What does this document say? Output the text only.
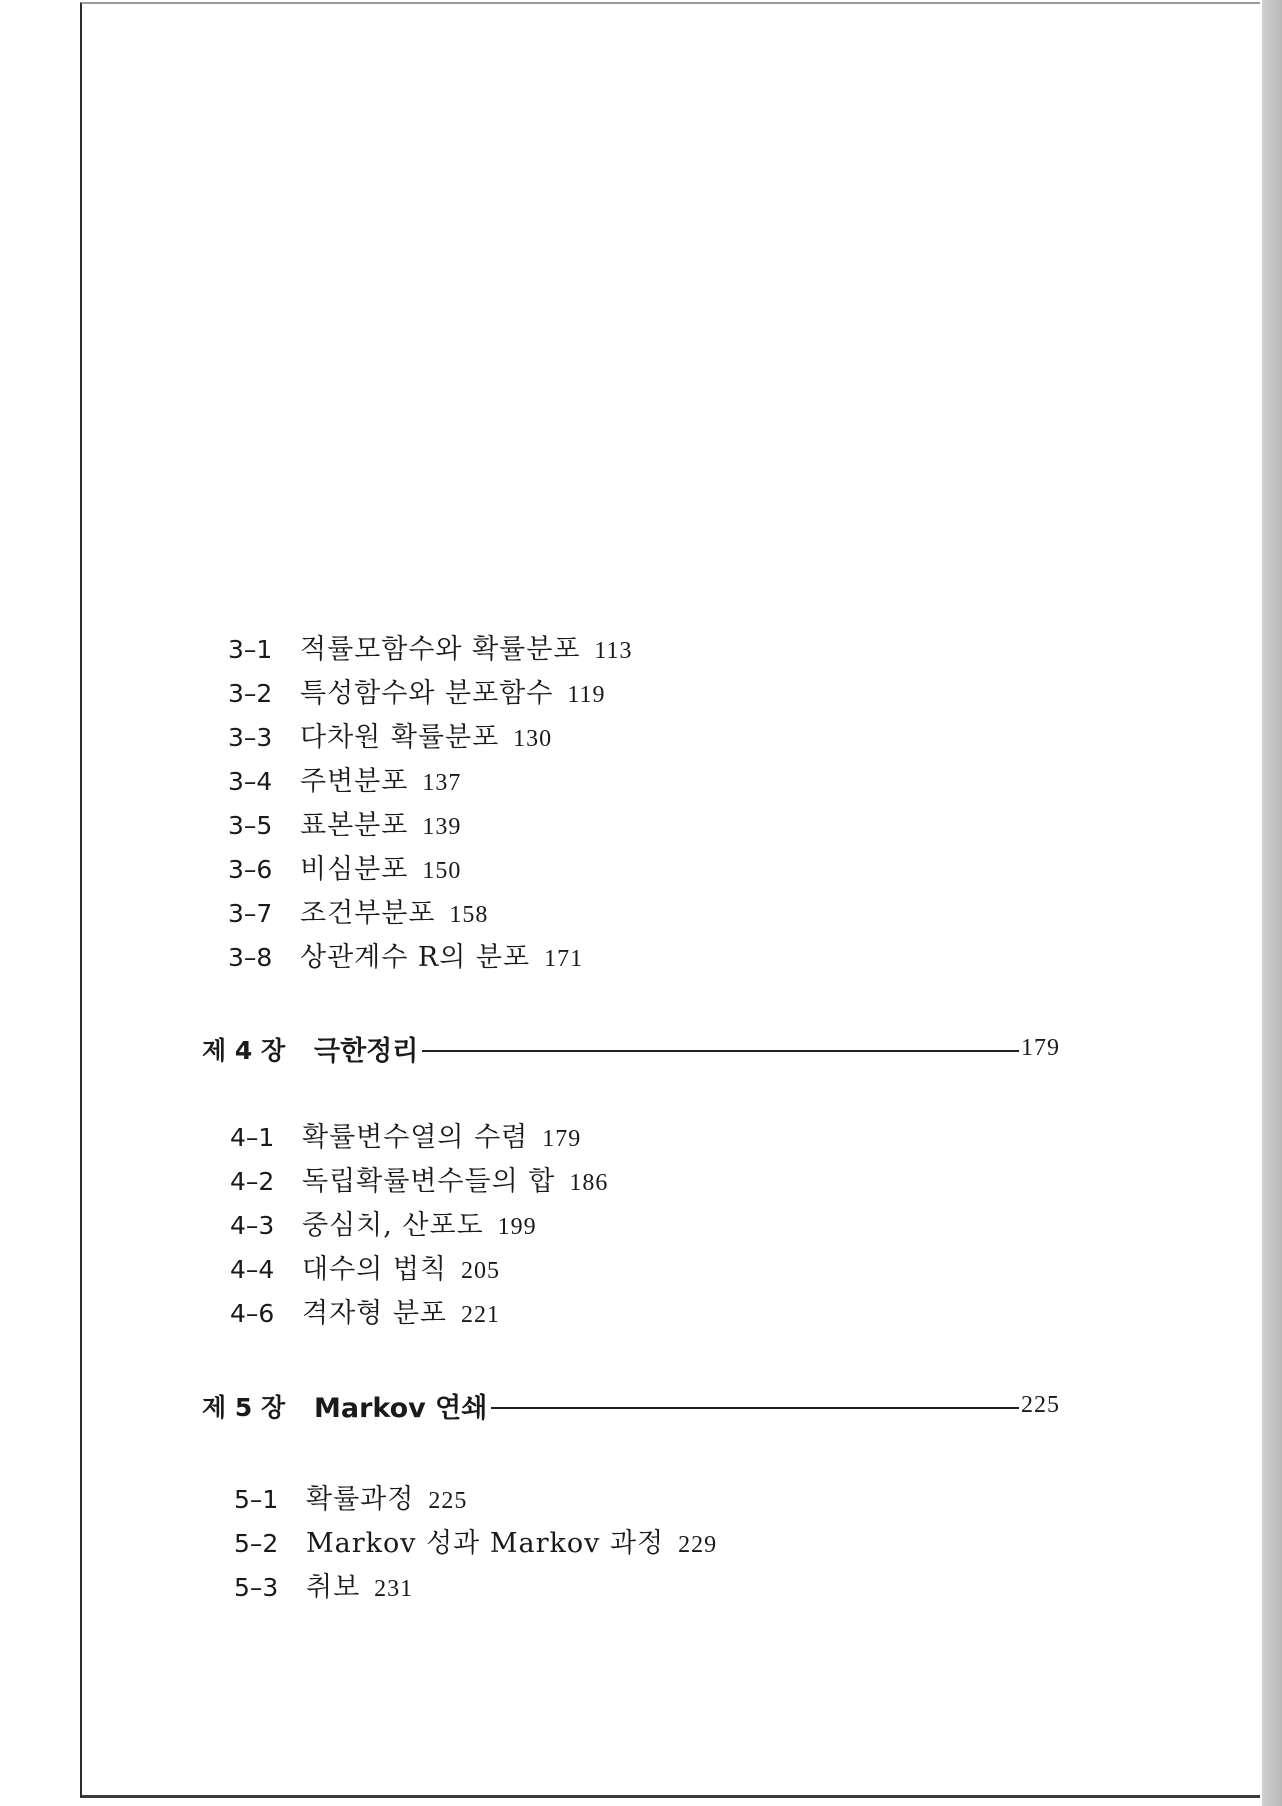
3–1	적률모함수와 확률분포 113
3–2	특성함수와 분포함수 119
3–3	다차원 확률분포 130
3–4	주변분포 137
3–5	표본분포 139
3–6	비심분포 150
3–7	조건부분포 158
3–8	상관계수 R의 분포 171
제 4 장	극한정리	179
4–1	확률변수열의 수렴 179
4–2	독립확률변수들의 합 186
4–3	중심치, 산포도 199
4–4	대수의 법칙 205
4–6	격자형 분포 221
제 5 장	Markov 연쇄	225
5–1	확률과정 225
5–2	Markov 성과 Markov 과정 229
5–3	취보 231
